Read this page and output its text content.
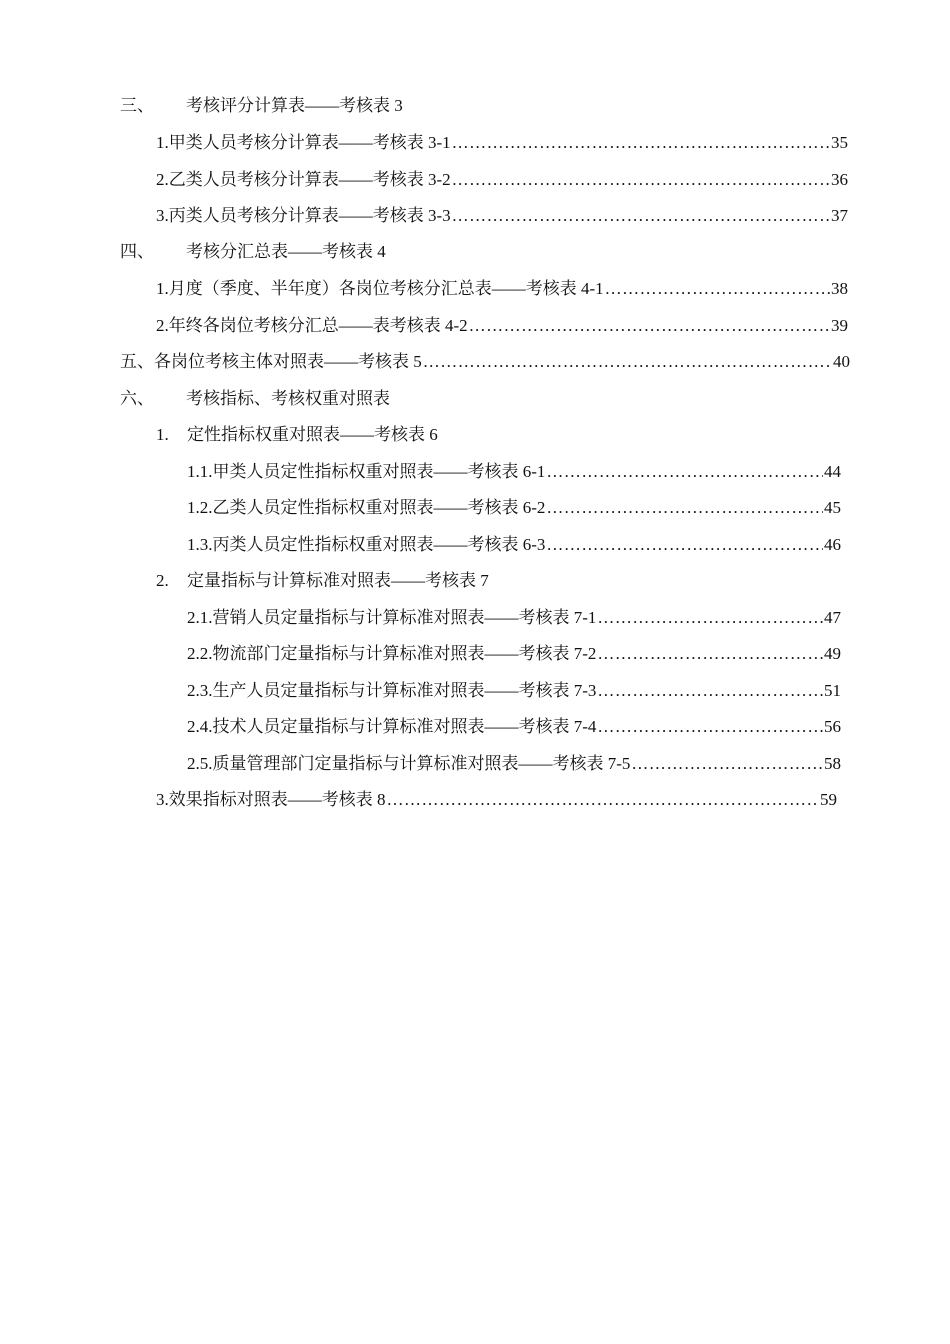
三、	考核评分计算表——考核表 3
1. 甲类人员考核分计算表——考核表 3-1 ……………………………………………………………………………………………………………………………………………………………………………………………………	35
2. 乙类人员考核分计算表——考核表 3-2 ……………………………………………………………………………………………………………………………………………………………………………………………………	36
3. 丙类人员考核分计算表——考核表 3-3 ……………………………………………………………………………………………………………………………………………………………………………………………………	37
四、	考核分汇总表——考核表 4
1. 月度（季度、半年度）各岗位考核分汇总表——考核表 4-1 ……………………………………………………………………………………………………………………………………………………………………………………………………	38
2. 年终各岗位考核分汇总——表考核表 4-2 ……………………………………………………………………………………………………………………………………………………………………………………………………	39
五、 各岗位考核主体对照表——考核表 5 ……………………………………………………………………………………………………………………………………………………………………………………………………	40
六、	考核指标、考核权重对照表
1.	定性指标权重对照表——考核表 6
1.1. 甲类人员定性指标权重对照表——考核表 6-1 ……………………………………………………………………………………………………………………………………………………………………………………………………	44
1.2. 乙类人员定性指标权重对照表——考核表 6-2 ……………………………………………………………………………………………………………………………………………………………………………………………………	45
1.3. 丙类人员定性指标权重对照表——考核表 6-3 ……………………………………………………………………………………………………………………………………………………………………………………………………	46
2.	定量指标与计算标准对照表——考核表 7
2.1. 营销人员定量指标与计算标准对照表——考核表 7-1 ……………………………………………………………………………………………………………………………………………………………………………………………………	47
2.2. 物流部门定量指标与计算标准对照表——考核表 7-2 ……………………………………………………………………………………………………………………………………………………………………………………………………	49
2.3. 生产人员定量指标与计算标准对照表——考核表 7-3 ……………………………………………………………………………………………………………………………………………………………………………………………………	51
2.4. 技术人员定量指标与计算标准对照表——考核表 7-4 ……………………………………………………………………………………………………………………………………………………………………………………………………	56
2.5. 质量管理部门定量指标与计算标准对照表——考核表 7-5 ……………………………………………………………………………………………………………………………………………………………………………………………………	58
3. 效果指标对照表——考核表 8 ……………………………………………………………………………………………………………………………………………………………………………………………………	59
